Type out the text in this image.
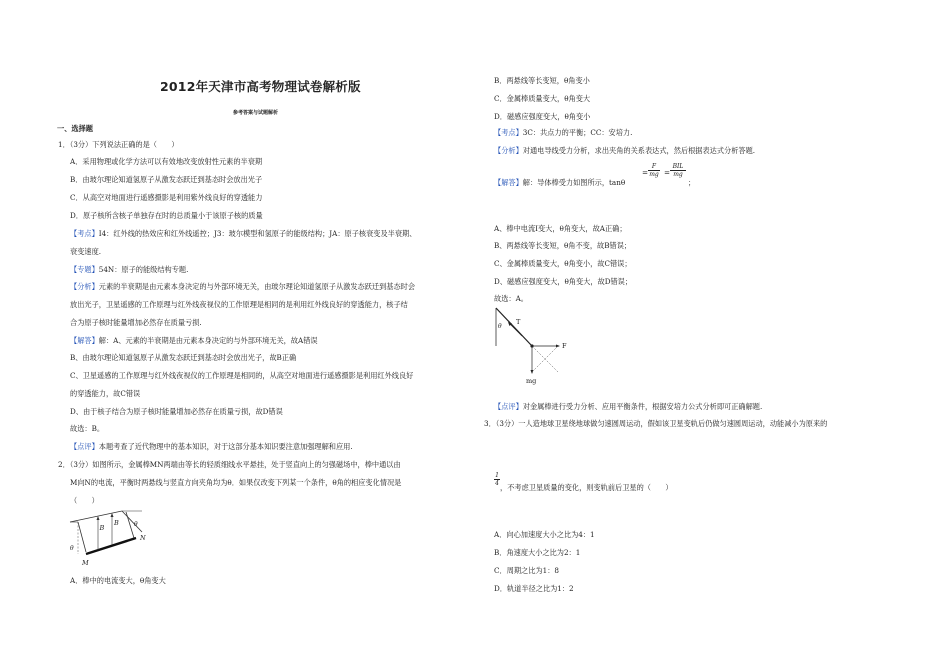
2012年天津市高考物理试卷解析版
参考答案与试题解析
一、选择题
1．（3分）下列说法正确的是（　　）
A．采用物理或化学方法可以有效地改变放射性元素的半衰期
B．由玻尔理论知道氢原子从激发态跃迁到基态时会放出光子
C．从高空对地面进行遥感摄影是利用紫外线良好的穿透能力
D．原子核所含核子单独存在时的总质量小于该原子核的质量
【考点】I4：红外线的热效应和红外线遥控；J3：玻尔模型和氢原子的能级结构；JA：原子核衰变及半衰期、
衰变速度.
【专题】54N：原子的能级结构专题.
【分析】元素的半衰期是由元素本身决定的与外部环境无关，由玻尔理论知道氢原子从激发态跃迁到基态时会
放出光子，卫星遥感的工作原理与红外线夜视仪的工作原理是相同的是利用红外线良好的穿透能力，核子结
合为原子核时能量增加必然存在质量亏损.
【解答】解：A、元素的半衰期是由元素本身决定的与外部环境无关，故A错误
B、由玻尔理论知道氢原子从激发态跃迁到基态时会放出光子，故B正确
C、卫星遥感的工作原理与红外线夜视仪的工作原理是相同的，从高空对地面进行遥感摄影是利用红外线良好
的穿透能力，故C错误
D、由于核子结合为原子核时能量增加必然存在质量亏损，故D错误
故选：B。
【点评】本题考查了近代物理中的基本知识，对于这部分基本知识要注意加强理解和应用.
2．（3分）如图所示，金属棒MN两端由等长的轻质细线水平悬挂，处于竖直向上的匀强磁场中，棒中通以由
M向N的电流，平衡时两悬线与竖直方向夹角均为θ．如果仅改变下列某一个条件，θ角的相应变化情况是
（　　）
B
B
θ
θ
M
N
A．棒中的电流变大，θ角变大
B．两悬线等长变短，θ角变小
C．金属棒质量变大，θ角变大
D．磁感应强度变大，θ角变小
【考点】3C：共点力的平衡；CC：安培力.
【分析】对通电导线受力分析，求出夹角的关系表达式，然后根据表达式分析答题.
【解答】解：导体棒受力如图所示，tanθ
= $\frac{F}{mg}$ =
BIL
mg
；
A、棒中电流I变大，θ角变大，故A正确；
B、两悬线等长变短，θ角不变，故B错误；
C、金属棒质量变大，θ角变小，故C错误；
D、磁感应强度变大，θ角变大，故D错误；
故选：A。
θ
T
F
mg
【点评】对金属棒进行受力分析、应用平衡条件，根据安培力公式分析即可正确解题.
3．（3分）一人造地球卫星绕地球做匀速圆周运动，假如该卫星变轨后仍做匀速圆周运动，动能减小为原来的
$\frac{1}{4}$
，不考虑卫星质量的变化，则变轨前后卫星的（　　）
A．向心加速度大小之比为4：1
B．角速度大小之比为2：1
C．周期之比为1：8
D．轨道半径之比为1：2
